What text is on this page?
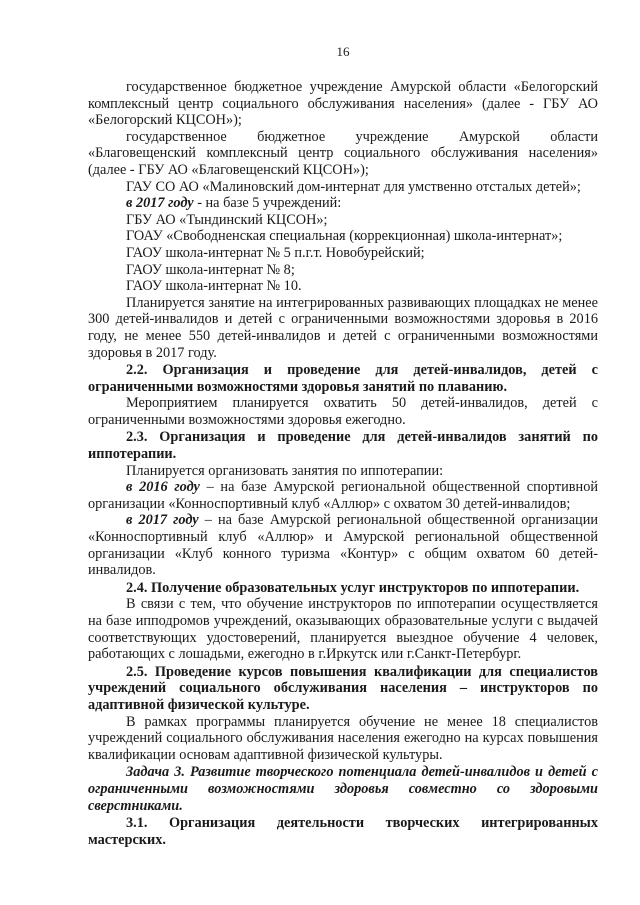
16

государственное бюджетное учреждение Амурской области «Белогорский комплексный центр социального обслуживания населения» (далее - ГБУ АО «Белогорский КЦСОН»);

государственное бюджетное учреждение Амурской области «Благовещенский комплексный центр социального обслуживания населения» (далее - ГБУ АО «Благовещенский КЦСОН»);

ГАУ СО АО «Малиновский дом-интернат для умственно отсталых детей»;

в 2017 году - на базе 5 учреждений:

ГБУ АО «Тындинский КЦСОН»;

ГОАУ «Свободненская специальная (коррекционная) школа-интернат»;

ГАОУ школа-интернат № 5 п.г.т. Новобурейский;

ГАОУ школа-интернат № 8;

ГАОУ школа-интернат № 10.

Планируется занятие на интегрированных развивающих площадках не менее 300 детей-инвалидов и детей с ограниченными возможностями здоровья в 2016 году, не менее 550 детей-инвалидов и детей с ограниченными возможностями здоровья в 2017 году.

2.2. Организация и проведение для детей-инвалидов, детей с ограниченными возможностями здоровья занятий по плаванию.

Мероприятием планируется охватить 50 детей-инвалидов, детей с ограниченными возможностями здоровья ежегодно.

2.3. Организация и проведение для детей-инвалидов занятий по иппотерапии.

Планируется организовать занятия по иппотерапии:

в 2016 году – на базе Амурской региональной общественной спортивной организации «Конноспортивный клуб «Аллюр» с охватом 30 детей-инвалидов;

в 2017 году – на базе Амурской региональной общественной организации «Конноспортивный клуб «Аллюр» и Амурской региональной общественной организации «Клуб конного туризма «Контур» с общим охватом 60 детей-инвалидов.

2.4. Получение образовательных услуг инструкторов по иппотерапии.

В связи с тем, что обучение инструкторов по иппотерапии осуществляется на базе ипподромов учреждений, оказывающих образовательные услуги с выдачей соответствующих удостоверений, планируется выездное обучение 4 человек, работающих с лошадьми, ежегодно в г.Иркутск или г.Санкт-Петербург.

2.5. Проведение курсов повышения квалификации для специалистов учреждений социального обслуживания населения – инструкторов по адаптивной физической культуре.

В рамках программы планируется обучение не менее 18 специалистов учреждений социального обслуживания населения ежегодно на курсах повышения квалификации основам адаптивной физической культуры.

Задача 3. Развитие творческого потенциала детей-инвалидов и детей с ограниченными возможностями здоровья совместно со здоровыми сверстниками.

3.1. Организация деятельности творческих интегрированных мастерских.
